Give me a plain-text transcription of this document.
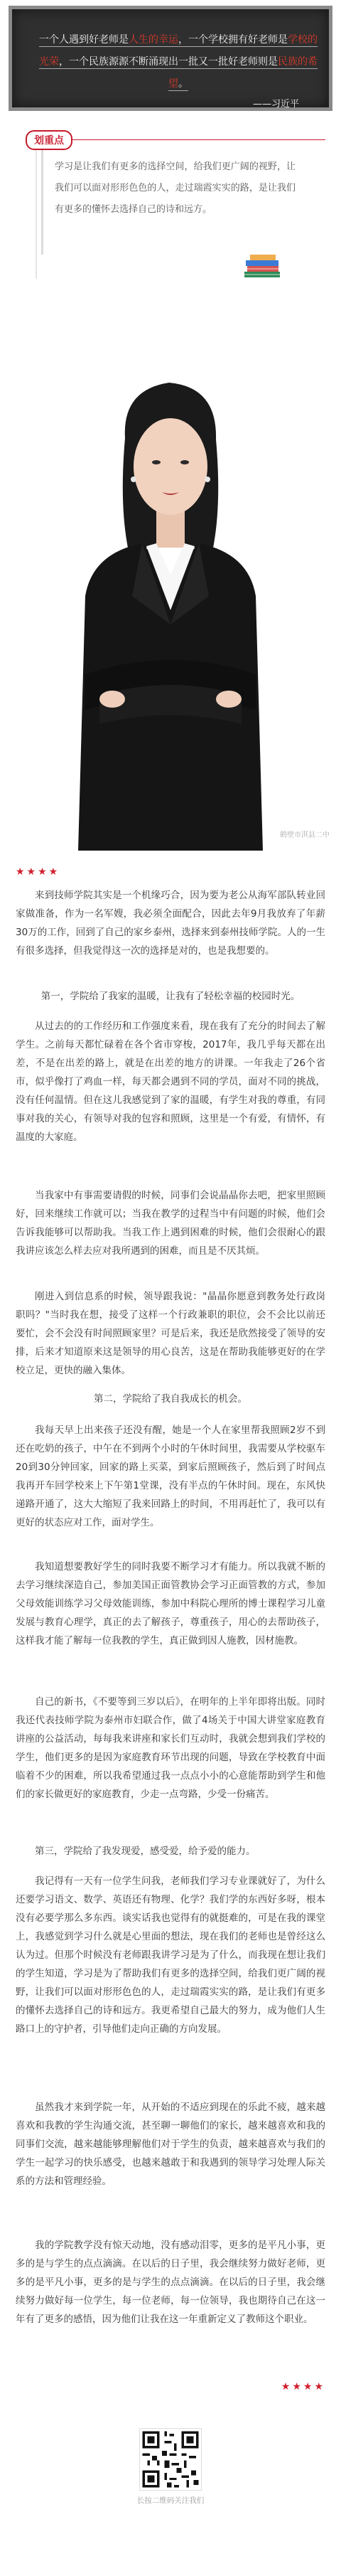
一个人遇到好老师是人生的幸运，一个学校拥有好老师是学校的光荣，一个民族源源不断涌现出一批又一批好老师则是民族的希望。
——习近平
划重点

学习是让我们有更多的选择空间，给我们更广阔的视野，让我们可以面对形形色色的人，走过瑞霞实实的路，是让我们有更多的懂怀去选择自己的诗和远方。

鹤壁市淇县二中
★★★★

来到技师学院其实是一个机缘巧合，因为要为老公从海军部队转业回家做准备，作为一名军嫂，我必须全面配合，因此去年9月我放弃了年薪30万的工作，回到了自己的家乡泰州，选择来到泰州技师学院。人的一生有很多选择，但我觉得这一次的选择是对的，也是我想要的。

第一，学院给了我家的温暖，让我有了轻松幸福的校园时光。

从过去的的工作经历和工作强度来看，现在我有了充分的时间去了解学生。之前每天都忙碌着在各个省市穿梭，2017年，我几乎每天都在出差，不是在出差的路上，就是在出差的地方的讲课。一年我走了26个省市，似乎像打了鸡血一样，每天都会遇到不同的学员，面对不同的挑战，没有任何温情。但在这儿我感觉到了家的温暖，有学生对我的尊重，有同事对我的关心，有领导对我的包容和照顾，这里是一个有爱，有情怀，有温度的大家庭。

当我家中有事需要请假的时候，同事们会说晶晶你去吧，把家里照顾好，回来继续工作就可以；当我在教学的过程当中有问题的时候，他们会告诉我能够可以帮助我。当我工作上遇到困难的时候，他们会很耐心的跟我讲应该怎么样去应对我所遇到的困难，而且是不厌其烦。

刚进入到信息系的时候，领导跟我说："晶晶你愿意到教务处行政岗职吗？"当时我在想，接受了这样一个行政兼职的职位，会不会比以前还要忙，会不会没有时间照顾家里？可是后来，我还是欣然接受了领导的安排，后来才知道原来这是领导的用心良苦，这是在帮助我能够更好的在学校立足，更快的融入集体。

第二，学院给了我自我成长的机会。

我每天早上出来孩子还没有醒，她是一个人在家里帮我照顾2岁不到还在吃奶的孩子，中午在不到两个小时的午休时间里，我需要从学校驱车20到30分钟回家，回家的路上买菜，到家后照顾孩子，然后到了时间点我再开车回学校来上下午第1堂课，没有半点的午休时间。现在，东风快递路开通了，这大大缩短了我来回路上的时间，不用再赶忙了，我可以有更好的状态应对工作，面对学生。

我知道想要教好学生的同时我要不断学习才有能力。所以我就不断的去学习继续深造自己，参加美国正面管教协会学习正面管教的方式，参加父母效能训练学习父母效能训练，参加中科院心理所的博士课程学习儿童发展与教育心理学，真正的去了解孩子，尊重孩子，用心的去帮助孩子，这样我才能了解每一位我教的学生，真正做到因人施教，因材施教。

自己的新书，《不要等到三岁以后》，在明年的上半年即将出版。同时我还代表技师学院为泰州市妇联合作，做了4场关于中国大讲堂家庭教育讲座的公益活动，每每我来讲座和家长们互动时，我就会想到我们学校的学生，他们更多的是因为家庭教育环节出现的问题，导致在学校教育中面临着不少的困难，所以我希望通过我一点点小小的心意能帮助到学生和他们的家长做更好的家庭教育，少走一点弯路，少受一份痛苦。

第三，学院给了我发现爱，感受爱，给予爱的能力。

我记得有一天有一位学生问我，老师我们学习专业课就好了，为什么还要学习语文、数学、英语还有物理、化学？我们学的东西好多呀，根本没有必要学那么多东西。谈实话我也觉得有的就挺难的，可是在我的课堂上，我感觉到学习什么就是心里面的想法，现在我们的老师也是曾经这么认为过。但那个时候没有老师跟我讲学习是为了什么，而我现在想让我们的学生知道，学习是为了帮助我们有更多的选择空间，给我们更广阔的视野，让我们可以面对形形色色的人，走过瑞霞实实的路，是让我们有更多的懂怀去选择自己的诗和远方。我更希望自己最大的努力，成为他们人生路口上的守护者，引导他们走向正确的方向发展。

虽然我才来到学院一年，从开始的不适应到现在的乐此不疲，越来越喜欢和我教的学生沟通交流，甚至聊一聊他们的家长，越来越喜欢和我的同事们交流，越来越能够理解他们对于学生的负责，越来越喜欢与我们的学生一起学习的快乐感受，也越来越敢于和我遇到的领导学习处理人际关系的方法和管理经验。

我的学院教学没有惊天动地，没有感动泪零，更多的是平凡小事，更多的是与学生的点点滴滴。在以后的日子里，我会继续努力做好老师，更多的是平凡小事，更多的是与学生的点点滴滴。在以后的日子里，我会继续努力做好每一位学生，每一位老师，每一位领导，我也期待自己在这一年有了更多的感悟，因为他们让我在这一年重新定义了教师这个职业。

★★★★
长按二维码关注我们
